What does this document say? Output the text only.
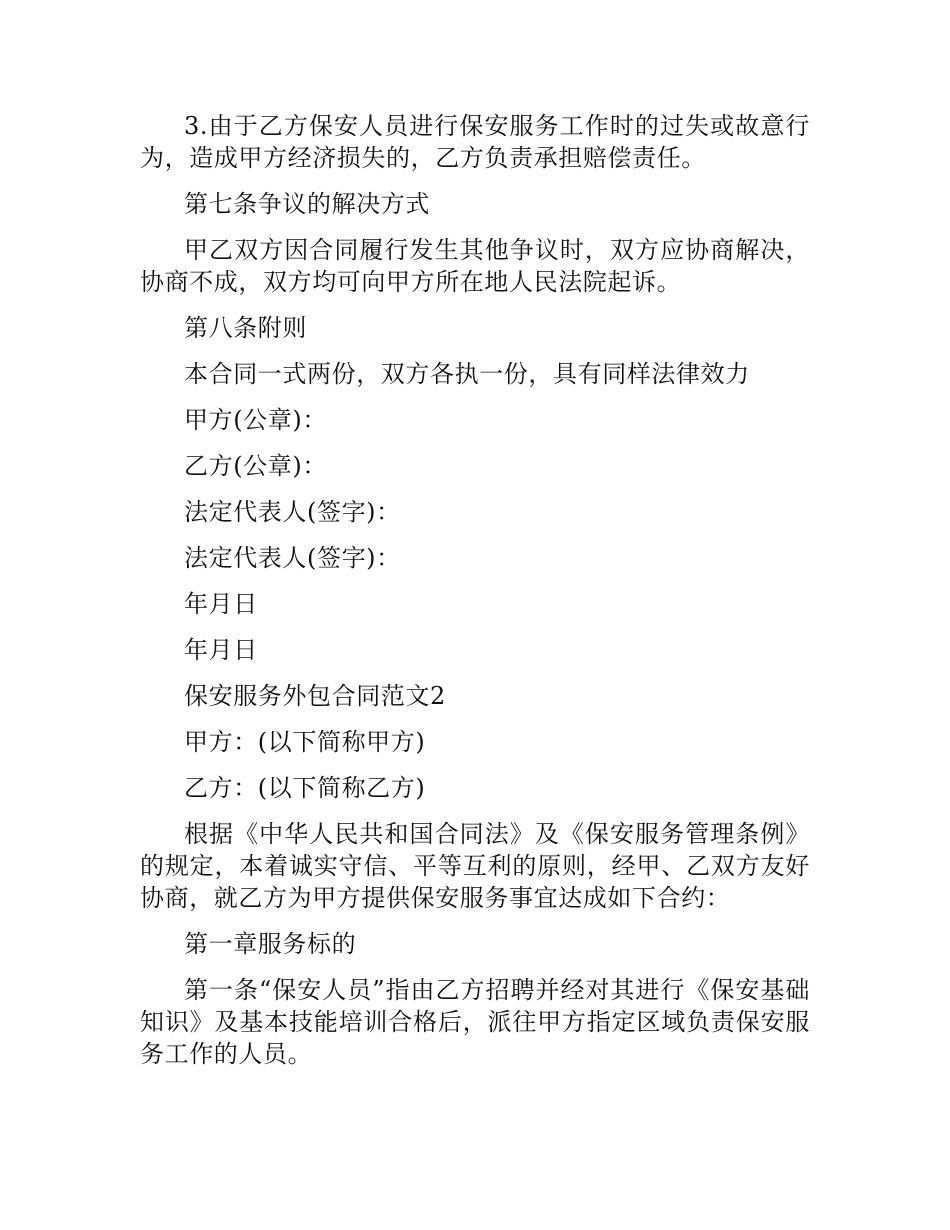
3.由于乙方保安人员进行保安服务工作时的过失或故意行为，造成甲方经济损失的，乙方负责承担赔偿责任。

第七条争议的解决方式

甲乙双方因合同履行发生其他争议时，双方应协商解决，协商不成，双方均可向甲方所在地人民法院起诉。

第八条附则

本合同一式两份，双方各执一份，具有同样法律效力

甲方(公章)：

乙方(公章)：

法定代表人(签字)：

法定代表人(签字)：

年月日

年月日

保安服务外包合同范文2

甲方：(以下简称甲方)

乙方：(以下简称乙方)

根据《中华人民共和国合同法》及《保安服务管理条例》的规定，本着诚实守信、平等互利的原则，经甲、乙双方友好协商，就乙方为甲方提供保安服务事宜达成如下合约：

第一章服务标的

第一条“保安人员”指由乙方招聘并经对其进行《保安基础知识》及基本技能培训合格后，派往甲方指定区域负责保安服务工作的人员。
